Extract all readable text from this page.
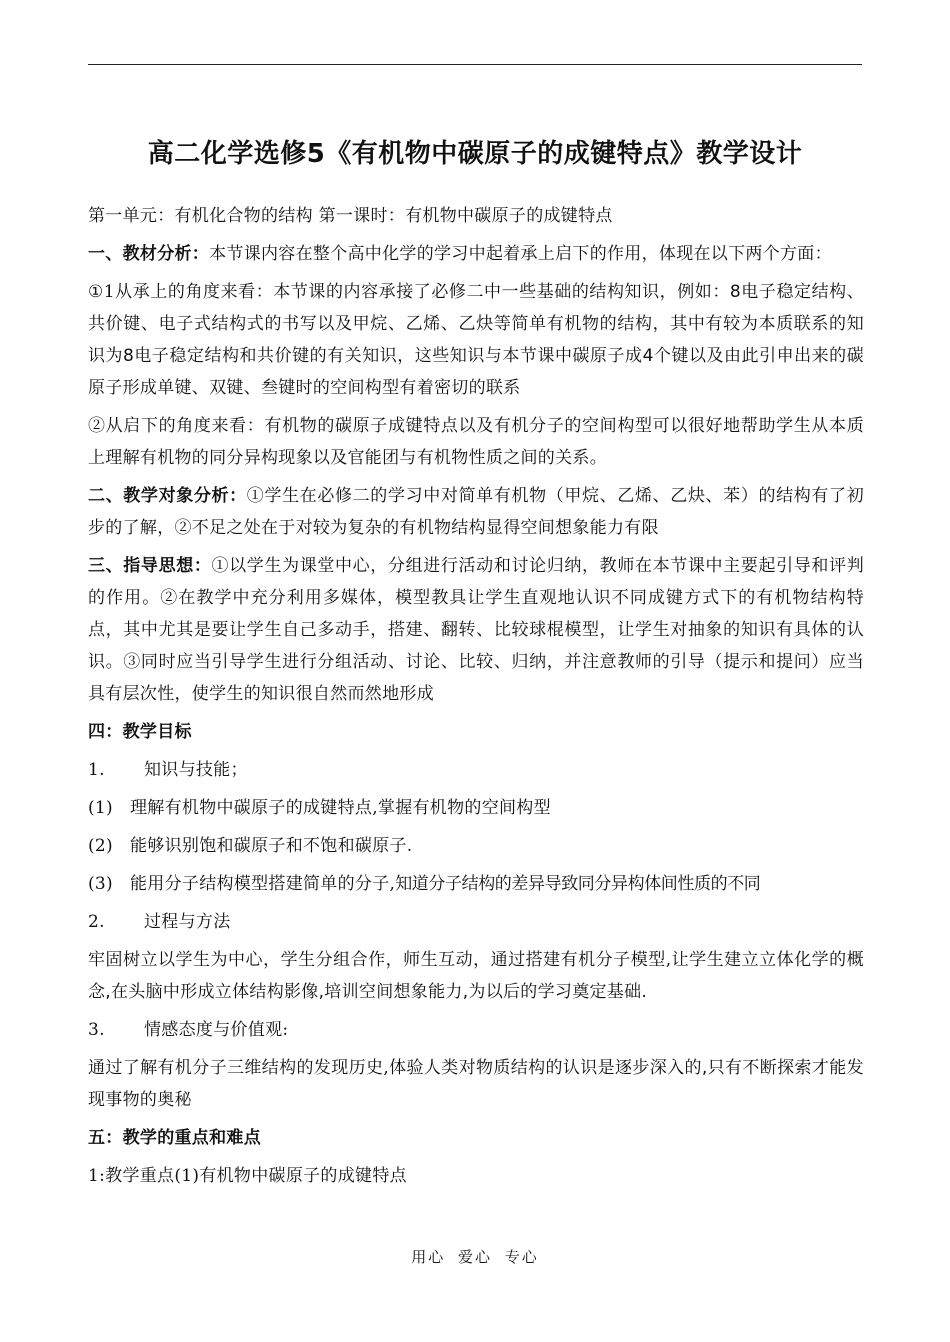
高二化学选修5《有机物中碳原子的成键特点》教学设计

第一单元：有机化合物的结构 第一课时：有机物中碳原子的成键特点

一、教材分析：本节课内容在整个高中化学的学习中起着承上启下的作用，体现在以下两个方面：

①1从承上的角度来看：本节课的内容承接了必修二中一些基础的结构知识，例如：8电子稳定结构、共价键、电子式结构式的书写以及甲烷、乙烯、乙炔等简单有机物的结构，其中有较为本质联系的知识为8电子稳定结构和共价键的有关知识，这些知识与本节课中碳原子成4个键以及由此引申出来的碳原子形成单键、双键、叁键时的空间构型有着密切的联系

②从启下的角度来看：有机物的碳原子成键特点以及有机分子的空间构型可以很好地帮助学生从本质上理解有机物的同分异构现象以及官能团与有机物性质之间的关系。

二、教学对象分析：①学生在必修二的学习中对简单有机物（甲烷、乙烯、乙炔、苯）的结构有了初步的了解，②不足之处在于对较为复杂的有机物结构显得空间想象能力有限

三、指导思想：①以学生为课堂中心，分组进行活动和讨论归纳，教师在本节课中主要起引导和评判的作用。②在教学中充分利用多媒体，模型教具让学生直观地认识不同成键方式下的有机物结构特点，其中尤其是要让学生自己多动手，搭建、翻转、比较球棍模型，让学生对抽象的知识有具体的认识。③同时应当引导学生进行分组活动、讨论、比较、归纳，并注意教师的引导（提示和提问）应当具有层次性，使学生的知识很自然而然地形成

四：教学目标

1. 知识与技能；

(1) 理解有机物中碳原子的成键特点,掌握有机物的空间构型

(2) 能够识别饱和碳原子和不饱和碳原子.

(3) 能用分子结构模型搭建简单的分子,知道分子结构的差异导致同分异构体间性质的不同

2. 过程与方法

牢固树立以学生为中心，学生分组合作，师生互动，通过搭建有机分子模型,让学生建立立体化学的概念,在头脑中形成立体结构影像,培训空间想象能力,为以后的学习奠定基础.

3. 情感态度与价值观:

通过了解有机分子三维结构的发现历史,体验人类对物质结构的认识是逐步深入的,只有不断探索才能发现事物的奥秘

五：教学的重点和难点

1:教学重点(1)有机物中碳原子的成键特点

用心 爱心 专心
